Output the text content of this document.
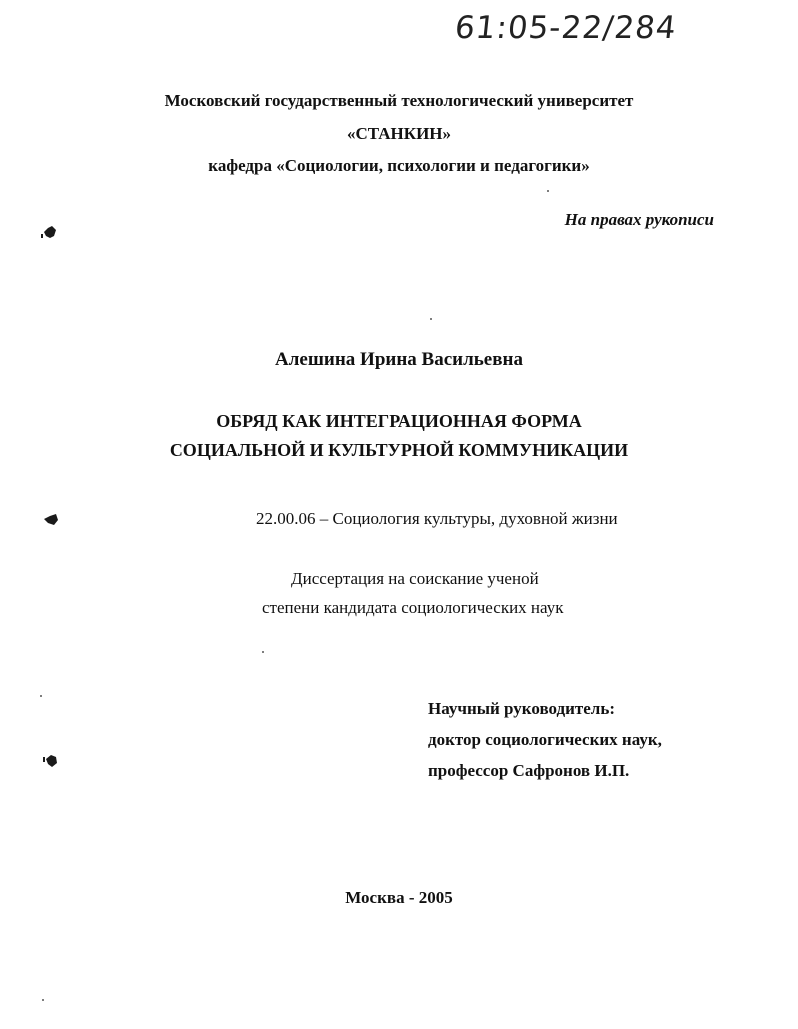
61:05-22/284
Московский государственный технологический университет
«СТАНКИН»
кафедра «Социологии, психологии и педагогики»
На правах рукописи
Алешина Ирина Васильевна
ОБРЯД КАК ИНТЕГРАЦИОННАЯ ФОРМА
СОЦИАЛЬНОЙ И КУЛЬТУРНОЙ КОММУНИКАЦИИ
22.00.06 – Социология культуры, духовной жизни
Диссертация на соискание ученой
степени кандидата социологических наук
Научный руководитель:
доктор социологических наук,
профессор Сафронов И.П.
Москва - 2005
